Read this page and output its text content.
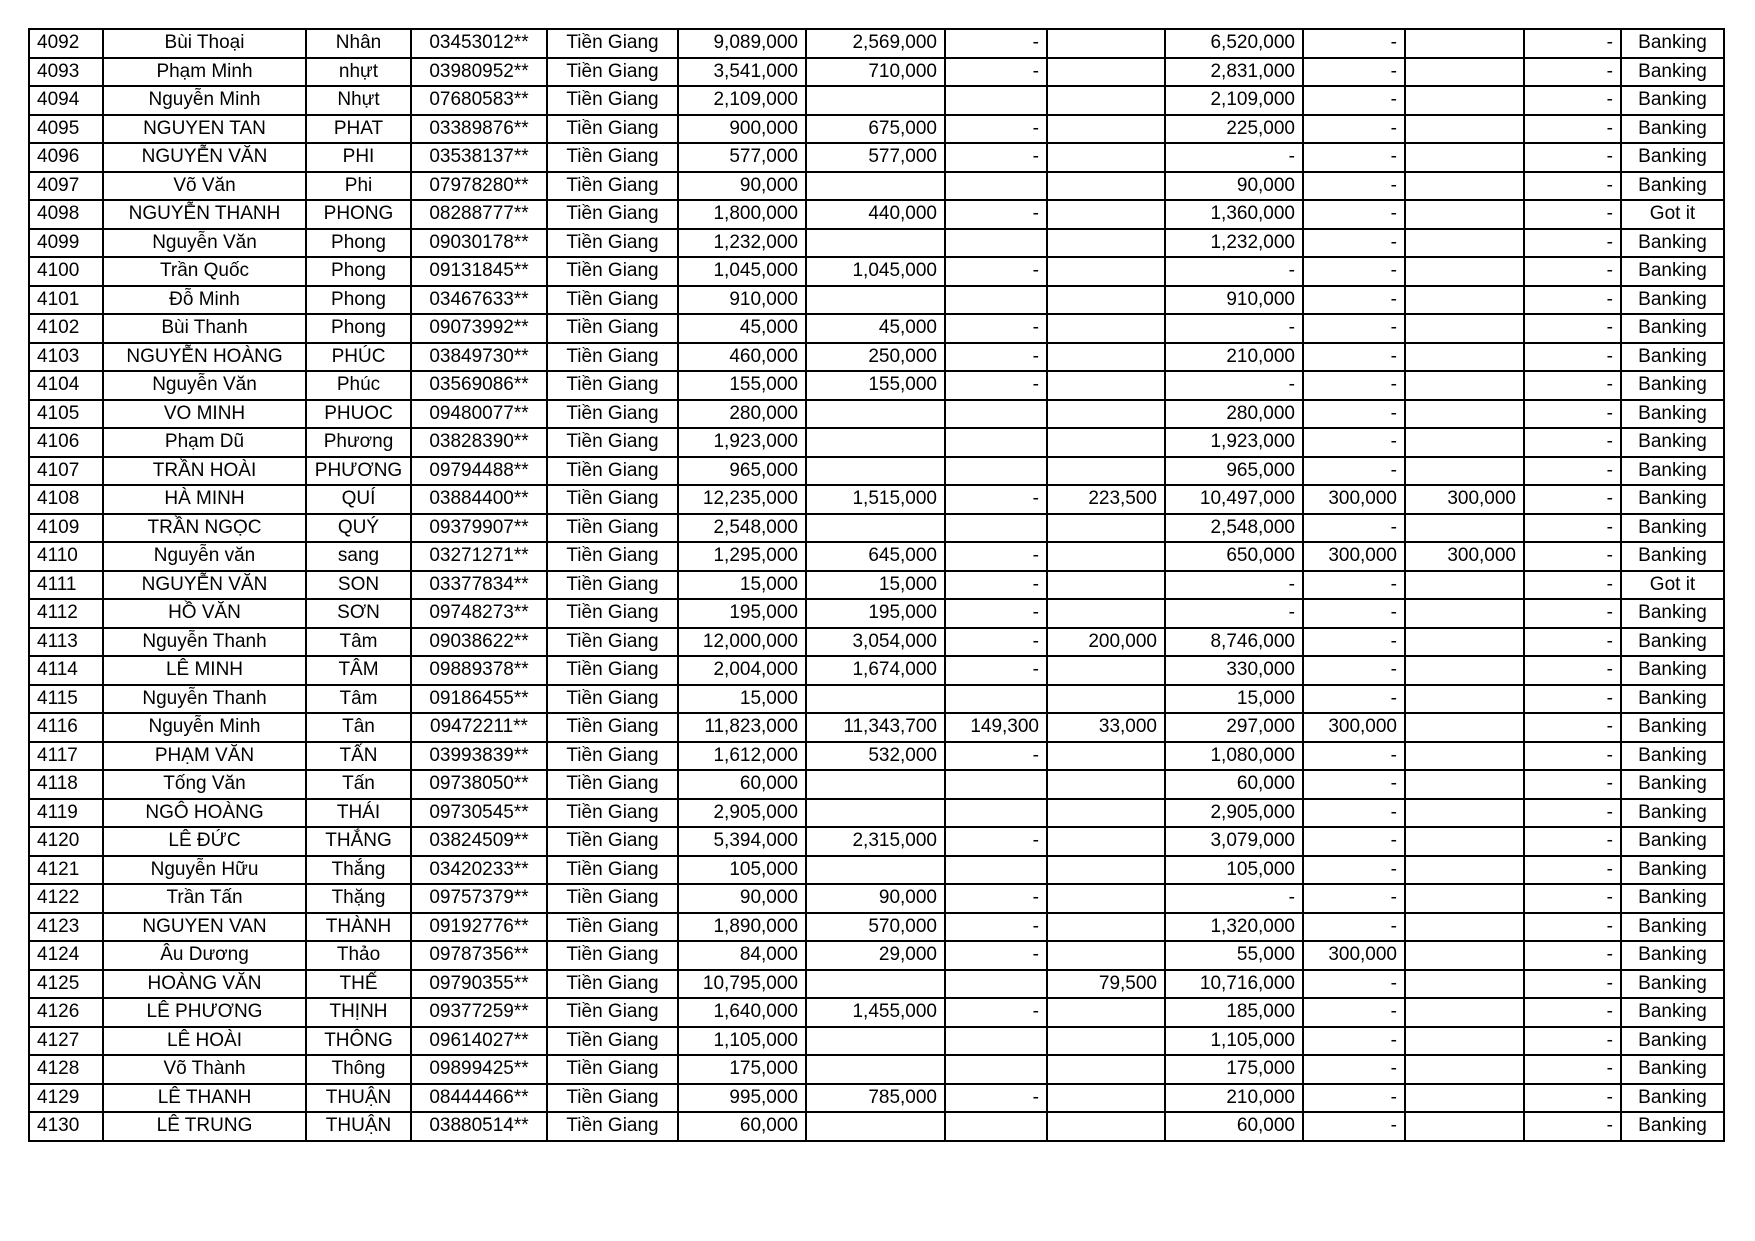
4092	Bùi Thoại	Nhân	03453012**	Tiền Giang	9,089,000	2,569,000	-		6,520,000	-		-	Banking
4093	Phạm Minh	nhựt	03980952**	Tiền Giang	3,541,000	710,000	-		2,831,000	-		-	Banking
4094	Nguyễn Minh	Nhựt	07680583**	Tiền Giang	2,109,000				2,109,000	-		-	Banking
4095	NGUYEN TAN	PHAT	03389876**	Tiền Giang	900,000	675,000	-		225,000	-		-	Banking
4096	NGUYỄN VĂN	PHI	03538137**	Tiền Giang	577,000	577,000	-		-	-		-	Banking
4097	Võ Văn	Phi	07978280**	Tiền Giang	90,000				90,000	-		-	Banking
4098	NGUYỄN THANH	PHONG	08288777**	Tiền Giang	1,800,000	440,000	-		1,360,000	-		-	Got it
4099	Nguyễn Văn	Phong	09030178**	Tiền Giang	1,232,000				1,232,000	-		-	Banking
4100	Trần Quốc	Phong	09131845**	Tiền Giang	1,045,000	1,045,000	-		-	-		-	Banking
4101	Đỗ Minh	Phong	03467633**	Tiền Giang	910,000				910,000	-		-	Banking
4102	Bùi Thanh	Phong	09073992**	Tiền Giang	45,000	45,000	-		-	-		-	Banking
4103	NGUYỄN HOÀNG	PHÚC	03849730**	Tiền Giang	460,000	250,000	-		210,000	-		-	Banking
4104	Nguyễn Văn	Phúc	03569086**	Tiền Giang	155,000	155,000	-		-	-		-	Banking
4105	VO MINH	PHUOC	09480077**	Tiền Giang	280,000				280,000	-		-	Banking
4106	Phạm Dũ	Phương	03828390**	Tiền Giang	1,923,000				1,923,000	-		-	Banking
4107	TRẦN HOÀI	PHƯƠNG	09794488**	Tiền Giang	965,000				965,000	-		-	Banking
4108	HÀ MINH	QUÍ	03884400**	Tiền Giang	12,235,000	1,515,000	-	223,500	10,497,000	300,000	300,000	-	Banking
4109	TRẦN NGỌC	QUÝ	09379907**	Tiền Giang	2,548,000				2,548,000	-		-	Banking
4110	Nguyễn văn	sang	03271271**	Tiền Giang	1,295,000	645,000	-		650,000	300,000	300,000	-	Banking
4111	NGUYỄN VĂN	SON	03377834**	Tiền Giang	15,000	15,000	-		-	-		-	Got it
4112	HỒ VĂN	SƠN	09748273**	Tiền Giang	195,000	195,000	-		-	-		-	Banking
4113	Nguyễn Thanh	Tâm	09038622**	Tiền Giang	12,000,000	3,054,000	-	200,000	8,746,000	-		-	Banking
4114	LÊ MINH	TÂM	09889378**	Tiền Giang	2,004,000	1,674,000	-		330,000	-		-	Banking
4115	Nguyễn Thanh	Tâm	09186455**	Tiền Giang	15,000				15,000	-		-	Banking
4116	Nguyễn Minh	Tân	09472211**	Tiền Giang	11,823,000	11,343,700	149,300	33,000	297,000	300,000		-	Banking
4117	PHẠM VĂN	TẤN	03993839**	Tiền Giang	1,612,000	532,000	-		1,080,000	-		-	Banking
4118	Tống Văn	Tấn	09738050**	Tiền Giang	60,000				60,000	-		-	Banking
4119	NGÔ HOÀNG	THÁI	09730545**	Tiền Giang	2,905,000				2,905,000	-		-	Banking
4120	LÊ ĐỨC	THẮNG	03824509**	Tiền Giang	5,394,000	2,315,000	-		3,079,000	-		-	Banking
4121	Nguyễn Hữu	Thắng	03420233**	Tiền Giang	105,000				105,000	-		-	Banking
4122	Trần Tấn	Thặng	09757379**	Tiền Giang	90,000	90,000	-		-	-		-	Banking
4123	NGUYEN VAN	THÀNH	09192776**	Tiền Giang	1,890,000	570,000	-		1,320,000	-		-	Banking
4124	Âu Dương	Thảo	09787356**	Tiền Giang	84,000	29,000	-		55,000	300,000		-	Banking
4125	HOÀNG VĂN	THẾ	09790355**	Tiền Giang	10,795,000			79,500	10,716,000	-		-	Banking
4126	LÊ PHƯƠNG	THỊNH	09377259**	Tiền Giang	1,640,000	1,455,000	-		185,000	-		-	Banking
4127	LÊ HOÀI	THÔNG	09614027**	Tiền Giang	1,105,000				1,105,000	-		-	Banking
4128	Võ Thành	Thông	09899425**	Tiền Giang	175,000				175,000	-		-	Banking
4129	LÊ THANH	THUẬN	08444466**	Tiền Giang	995,000	785,000	-		210,000	-		-	Banking
4130	LÊ TRUNG	THUẬN	03880514**	Tiền Giang	60,000				60,000	-		-	Banking
